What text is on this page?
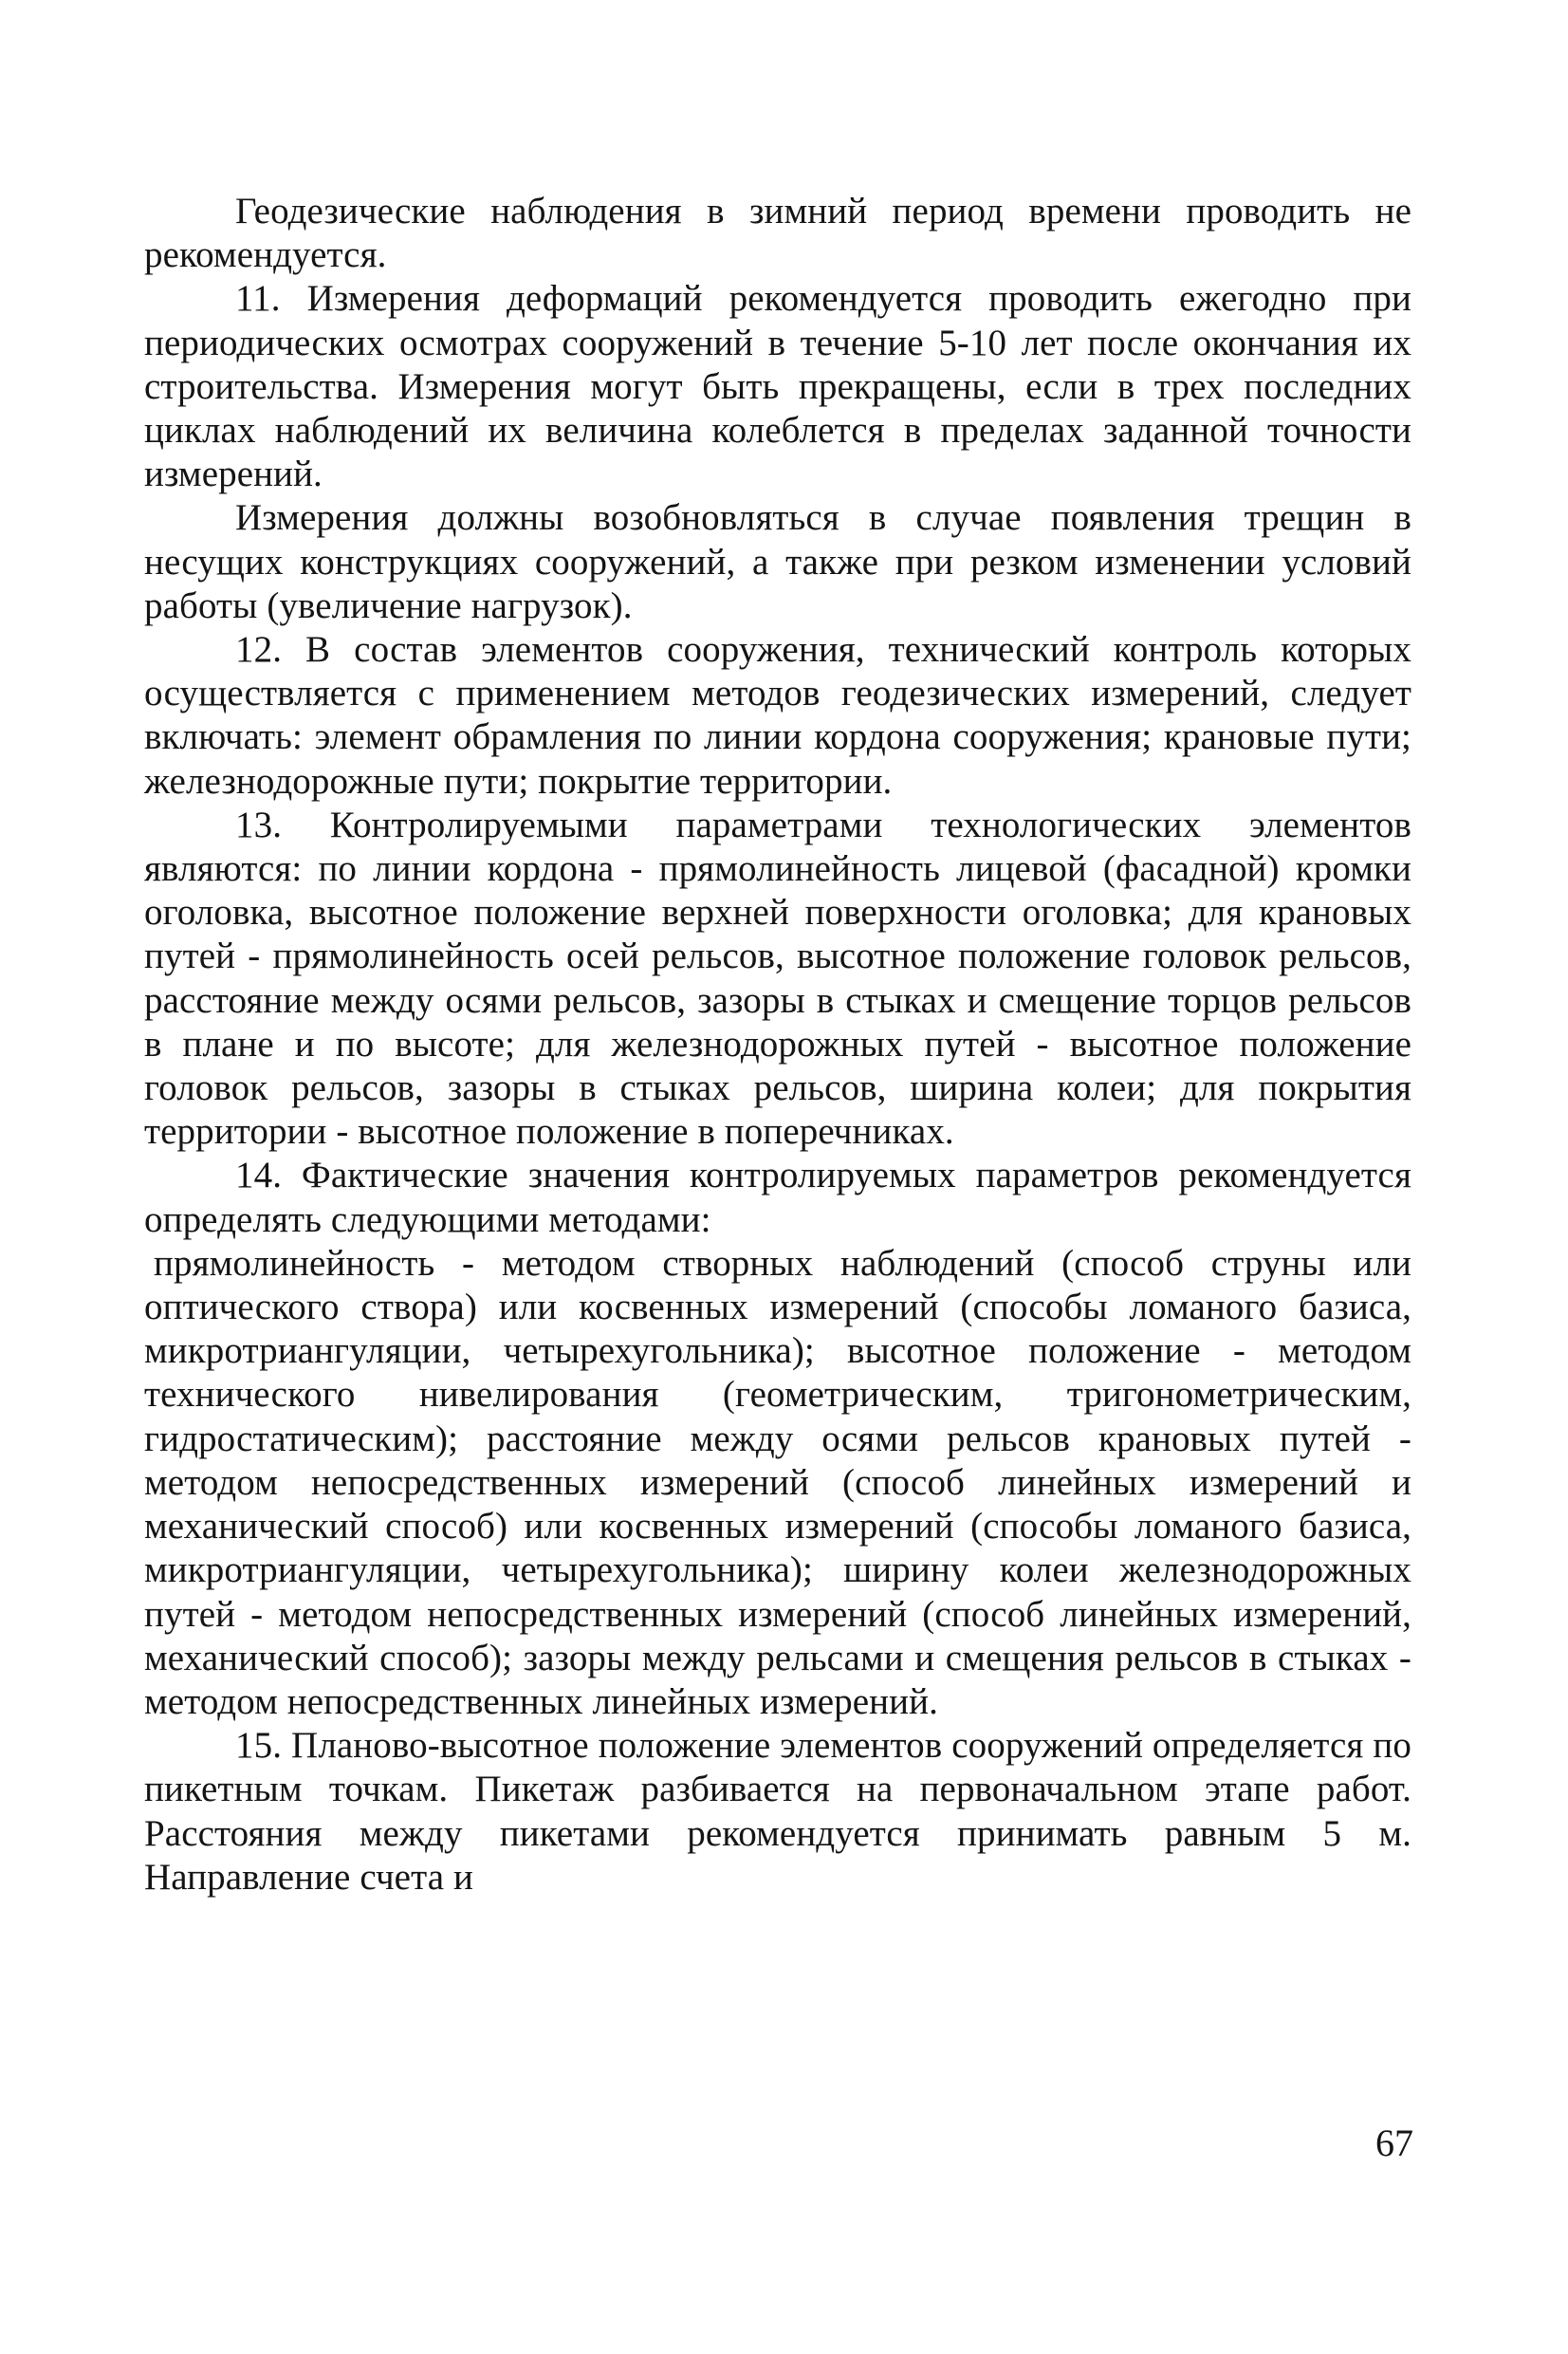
Геодезические наблюдения в зимний период времени проводить не рекомендуется.

11. Измерения деформаций рекомендуется проводить ежегодно при периодических осмотрах сооружений в течение 5-10 лет после окончания их строительства. Измерения могут быть прекращены, если в трех последних циклах наблюдений их величина колеблется в пределах заданной точности измерений.

Измерения должны возобновляться в случае появления трещин в несущих конструкциях сооружений, а также при резком изменении условий работы (увеличение нагрузок).

12. В состав элементов сооружения, технический контроль которых осуществляется с применением методов геодезических измерений, следует включать: элемент обрамления по линии кордона сооружения; крановые пути; железнодорожные пути; покрытие территории.

13. Контролируемыми параметрами технологических элементов являются: по линии кордона - прямолинейность лицевой (фасадной) кромки оголовка, высотное положение верхней поверхности оголовка; для крановых путей - прямолинейность осей рельсов, высотное положение головок рельсов, расстояние между осями рельсов, зазоры в стыках и смещение торцов рельсов в плане и по высоте; для железнодорожных путей - высотное положение головок рельсов, зазоры в стыках рельсов, ширина колеи; для покрытия территории - высотное положение в поперечниках.

14. Фактические значения контролируемых параметров рекомендуется определять следующими методами:

прямолинейность - методом створных наблюдений (способ струны или оптического створа) или косвенных измерений (способы ломаного базиса, микротриангуляции, четырехугольника); высотное положение - методом технического нивелирования (геометрическим, тригонометрическим, гидростатическим); расстояние между осями рельсов крановых путей - методом непосредственных измерений (способ линейных измерений и механический способ) или косвенных измерений (способы ломаного базиса, микротриангуляции, четырехугольника); ширину колеи железнодорожных путей - методом непосредственных измерений (способ линейных измерений, механический способ); зазоры между рельсами и смещения рельсов в стыках - методом непосредственных линейных измерений.

15. Планово-высотное положение элементов сооружений определяется по пикетным точкам. Пикетаж разбивается на первоначальном этапе работ. Расстояния между пикетами рекомендуется принимать равным 5 м. Направление счета и

67
